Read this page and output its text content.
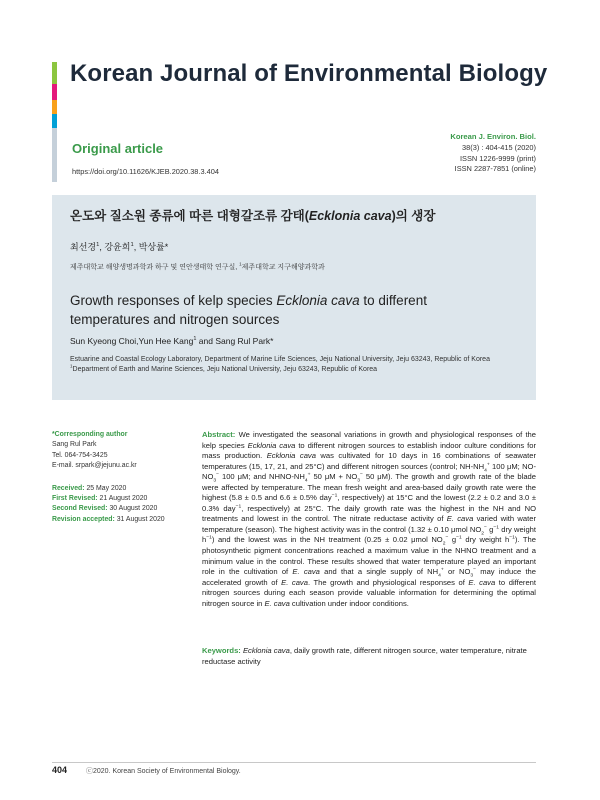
Korean Journal of Environmental Biology
Original article
https://doi.org/10.11626/KJEB.2020.38.3.404
Korean J. Environ. Biol.
38(3) : 404-415 (2020)
ISSN 1226-9999 (print)
ISSN 2287-7851 (online)
온도와 질소원 종류에 따른 대형갈조류 감태(Ecklonia cava)의 생장
최선경$^1$, 강윤희$^1$, 박상률*
제주대학교 해양생명과학과 하구 및 연안생태학 연구실, $^1$제주대학교 지구해양과학과
Growth responses of kelp species Ecklonia cava to different temperatures and nitrogen sources
Sun Kyeong Choi,Yun Hee Kang$^1$ and Sang Rul Park*
Estuarine and Coastal Ecology Laboratory, Department of Marine Life Sciences, Jeju National University, Jeju 63243, Republic of Korea
$^1$Department of Earth and Marine Sciences, Jeju National University, Jeju 63243, Republic of Korea
*Corresponding author
Sang Rul Park
Tel. 064-754-3425
E-mail. srpark@jejunu.ac.kr
Received: 25 May 2020
First Revised: 21 August 2020
Second Revised: 30 August 2020
Revision accepted: 31 August 2020
Abstract: We investigated the seasonal variations in growth and physiological responses of the kelp species Ecklonia cava to different nitrogen sources to establish indoor culture conditions for mass production. Ecklonia cava was cultivated for 10 days in 16 combinations of seawater temperatures (15, 17, 21, and 25°C) and different nitrogen sources (control; $NH-NH_4^+$ 100 μM; $NO-NO_3^-$ 100 μM; and NHNO-$NH_4^+$ 50 $\mu M + NO_3^-$ 50 μM). The growth and growth rate of the blade were affected by temperature. The mean fresh weight and area-based daily growth rate were the highest (5.8 ± 0.5 and 6.6 ± 0.5% day$^{-1}$, respectively) at 15°C and the lowest (2.2 ± 0.2 and 3.0 ± 0.3% day$^{-1}$, respectively) at 25°C. The daily growth rate was the highest in the NH and NO treatments and lowest in the control. The nitrate reductase activity of E. cava varied with water temperature (season). The highest activity was in the control (1.32 ± 0.10 μmol $NO_2^-$ $g^{-1}$ dry weight $h^{-1}$) and the lowest was in the NH treatment (0.25 ± 0.02 μmol $NO_2^-$ $g^{-1}$ dry weight $h^{-1}$). The photosynthetic pigment concentrations reached a maximum value in the NHNO treatment and a minimum value in the control. These results showed that water temperature played an important role in the cultivation of E. cava and that a single supply of $NH_4^+$ or $NO_3^-$ may induce the accelerated growth of E. cava. The growth and physiological responses of E. cava to different nitrogen sources during each season provide valuable information for determining the optimal nitrogen source in E. cava cultivation under indoor conditions.
Keywords: Ecklonia cava, daily growth rate, different nitrogen source, water temperature, nitrate reductase activity
404	ⓒ2020. Korean Society of Environmental Biology.
